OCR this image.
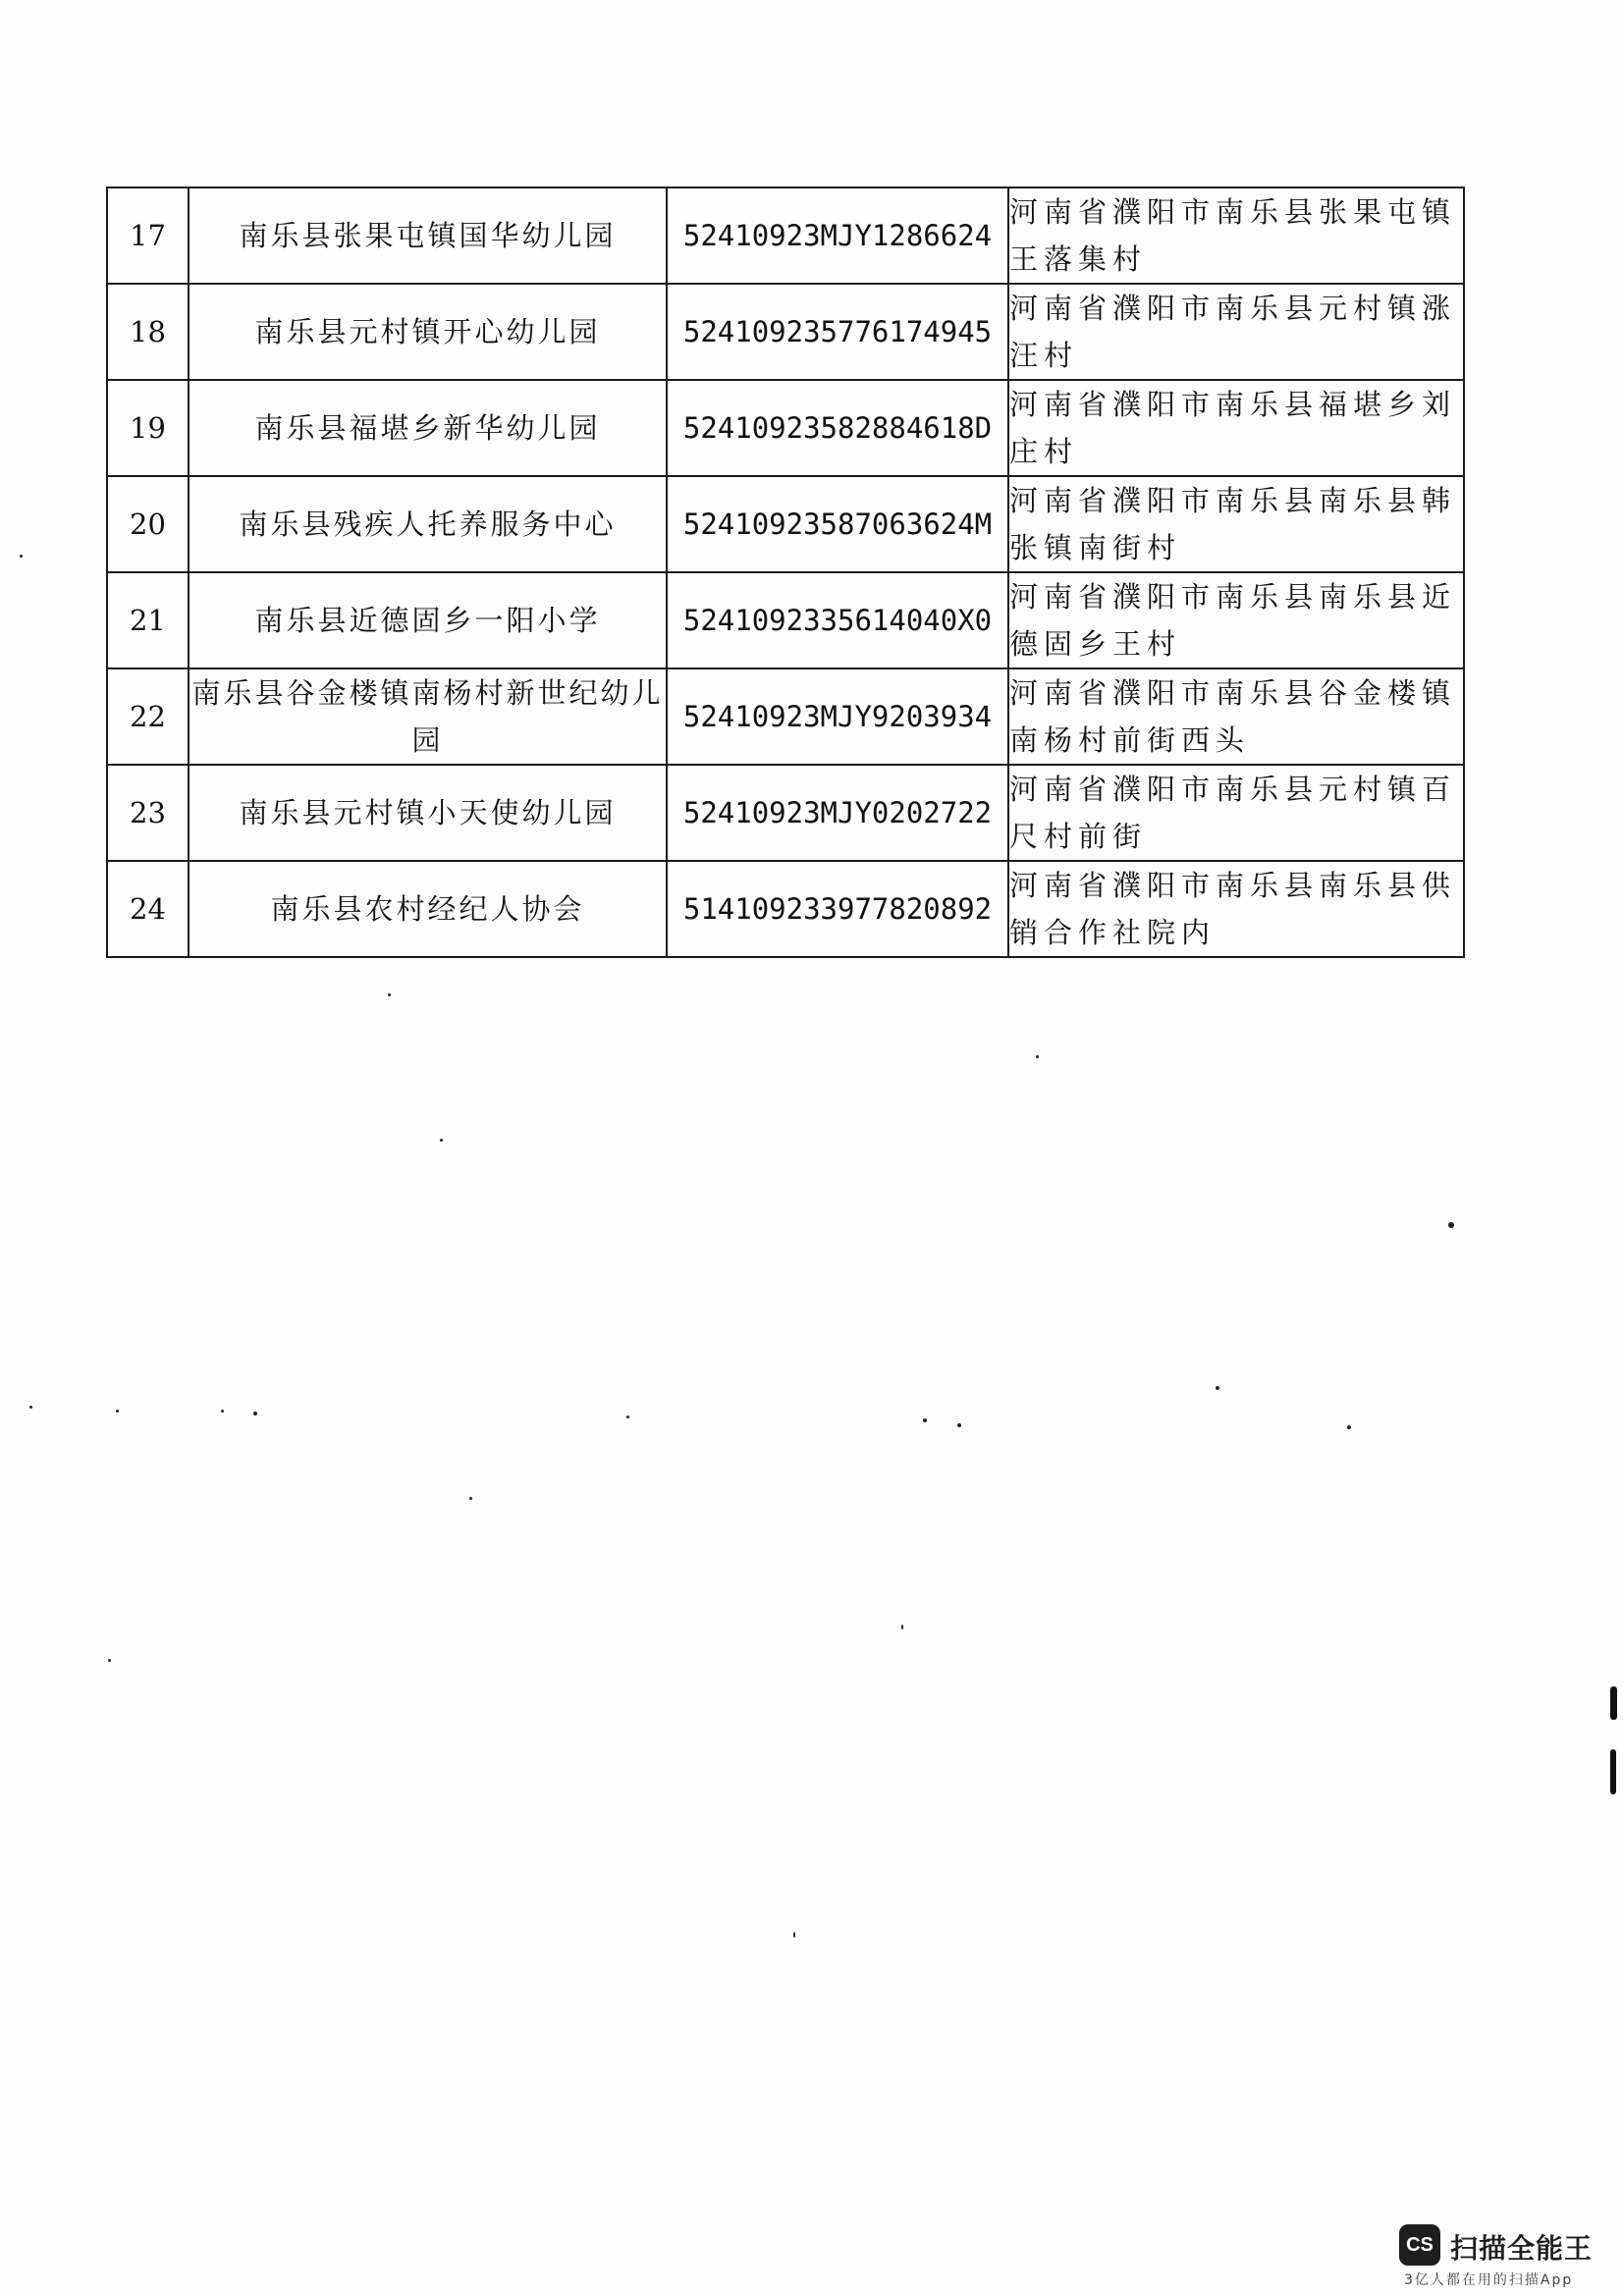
17	南乐县张果屯镇国华幼儿园	52410923MJY1286624	河南省濮阳市南乐县张果屯镇王落集村
18	南乐县元村镇开心幼儿园	524109235776174945	河南省濮阳市南乐县元村镇涨汪村
19	南乐县福堪乡新华幼儿园	52410923582884618D	河南省濮阳市南乐县福堪乡刘庄村
20	南乐县残疾人托养服务中心	52410923587063624M	河南省濮阳市南乐县南乐县韩张镇南街村
21	南乐县近德固乡一阳小学	5241092335614040X0	河南省濮阳市南乐县南乐县近德固乡王村
22	南乐县谷金楼镇南杨村新世纪幼儿园	52410923MJY9203934	河南省濮阳市南乐县谷金楼镇南杨村前街西头
23	南乐县元村镇小天使幼儿园	52410923MJY0202722	河南省濮阳市南乐县元村镇百尺村前街
24	南乐县农村经纪人协会	514109233977820892	河南省濮阳市南乐县南乐县供销合作社院内
CS 扫描全能王
3亿人都在用的扫描App
